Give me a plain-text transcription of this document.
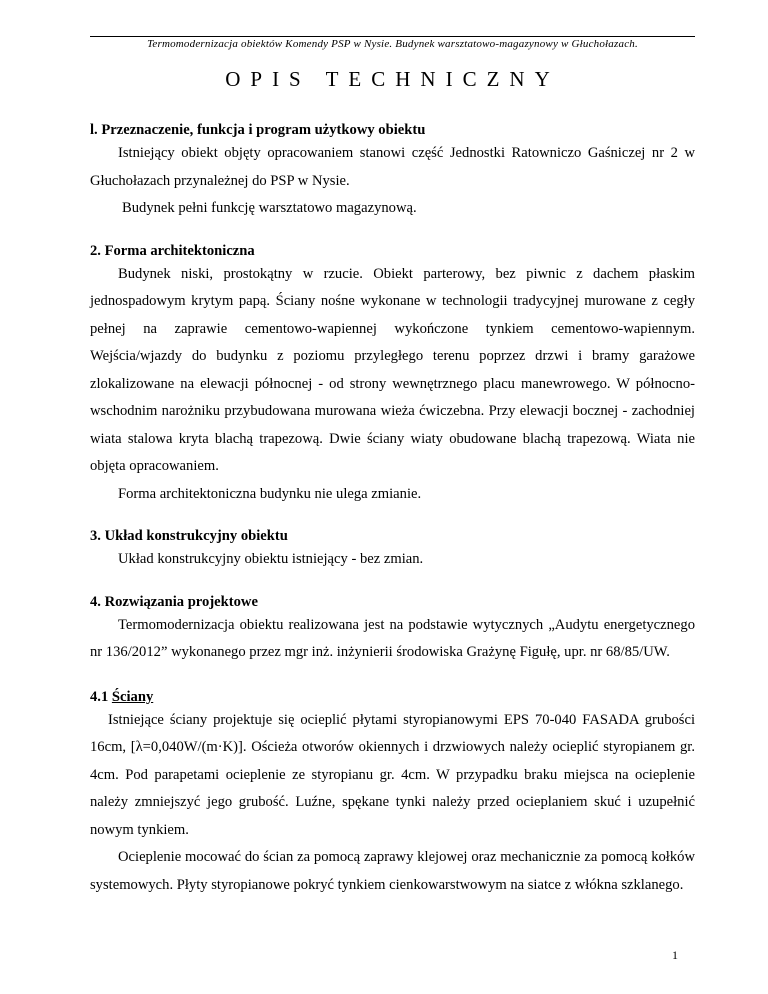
Termomodernizacja obiektów Komendy PSP w Nysie. Budynek warsztatowo-magazynowy w Głuchołazach.
OPIS TECHNICZNY
l. Przeznaczenie, funkcja i program użytkowy obiektu

Istniejący obiekt objęty opracowaniem stanowi część Jednostki Ratowniczo Gaśniczej nr 2 w Głuchołazach przynależnej do PSP w Nysie.

Budynek pełni funkcję warsztatowo magazynową.

2. Forma architektoniczna

Budynek niski, prostokątny w rzucie. Obiekt parterowy, bez piwnic z dachem płaskim jednospadowym krytym papą. Ściany nośne wykonane w technologii tradycyjnej murowane z cegły pełnej na zaprawie cementowo-wapiennej wykończone tynkiem cementowo-wapiennym. Wejścia/wjazdy do budynku z poziomu przyległego terenu poprzez drzwi i bramy garażowe zlokalizowane na elewacji północnej - od strony wewnętrznego placu manewrowego. W północno-wschodnim narożniku przybudowana murowana wieża ćwiczebna. Przy elewacji bocznej - zachodniej wiata stalowa kryta blachą trapezową. Dwie ściany wiaty obudowane blachą trapezową. Wiata nie objęta opracowaniem.

Forma architektoniczna budynku nie ulega zmianie.

3. Układ konstrukcyjny obiektu

Układ konstrukcyjny obiektu istniejący - bez zmian.

4. Rozwiązania projektowe

Termomodernizacja obiektu realizowana jest na podstawie wytycznych „Audytu energetycznego nr 136/2012” wykonanego przez mgr inż. inżynierii środowiska Grażynę Figułę, upr. nr 68/85/UW.

4.1 Ściany

Istniejące ściany projektuje się ocieplić płytami styropianowymi EPS 70-040 FASADA grubości 16cm, [λ=0,040W/(m·K)]. Ościeża otworów okiennych i drzwiowych należy ocieplić styropianem gr. 4cm. Pod parapetami ocieplenie ze styropianu gr. 4cm. W przypadku braku miejsca na ocieplenie należy zmniejszyć jego grubość. Luźne, spękane tynki należy przed ocieplaniem skuć i uzupełnić nowym tynkiem.

Ocieplenie mocować do ścian za pomocą zaprawy klejowej oraz mechanicznie za pomocą kołków systemowych. Płyty styropianowe pokryć tynkiem cienkowarstwowym na siatce z włókna szklanego.

1
